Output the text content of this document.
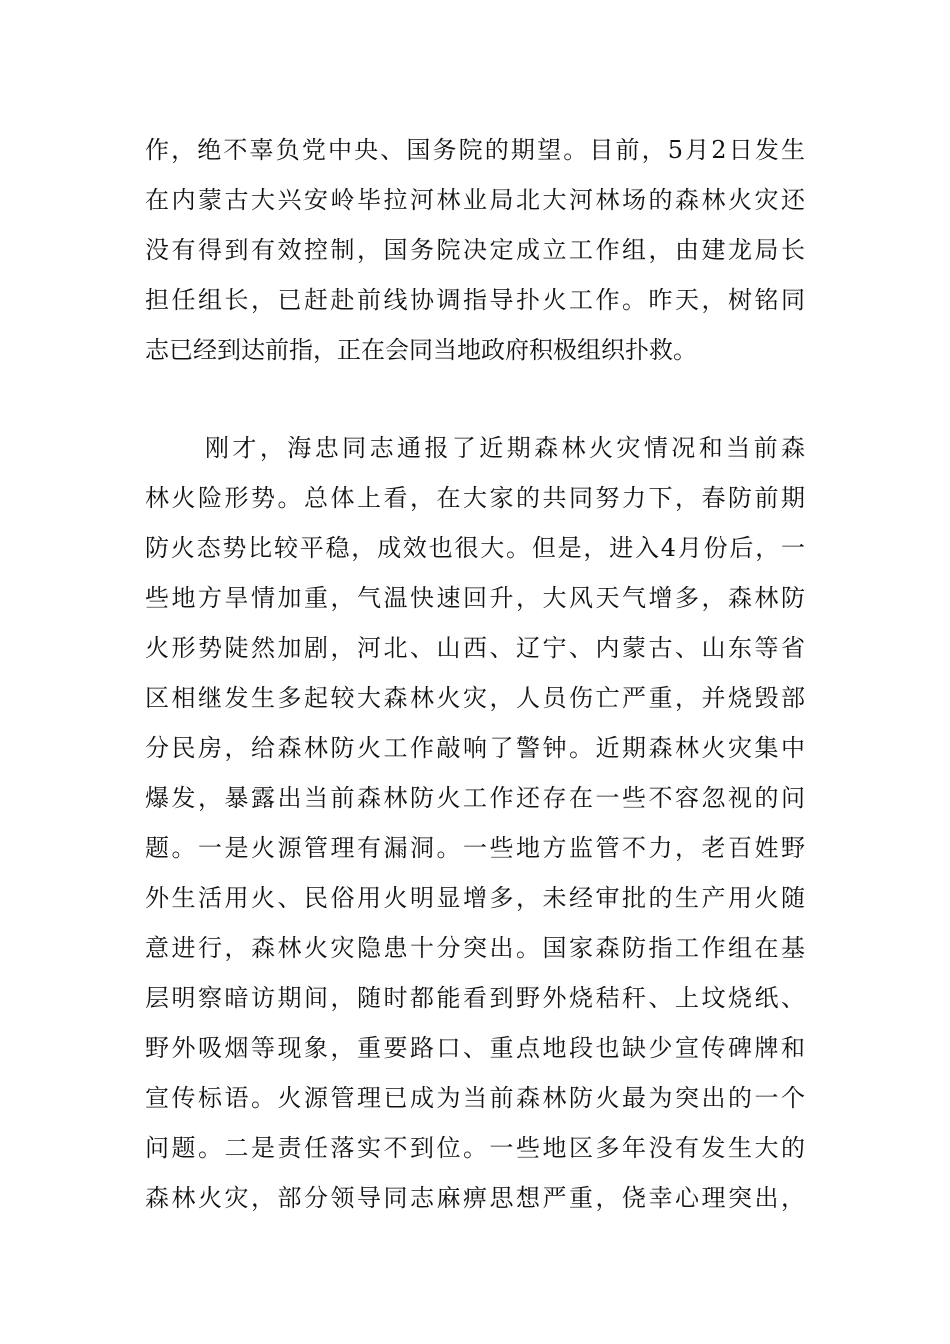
作，绝不辜负党中央、国务院的期望。目前，5月2日发生
在内蒙古大兴安岭毕拉河林业局北大河林场的森林火灾还
没有得到有效控制，国务院决定成立工作组，由建龙局长
担任组长，已赶赴前线协调指导扑火工作。昨天，树铭同
志已经到达前指，正在会同当地政府积极组织扑救。
刚才，海忠同志通报了近期森林火灾情况和当前森
林火险形势。总体上看，在大家的共同努力下，春防前期
防火态势比较平稳，成效也很大。但是，进入4月份后，一
些地方旱情加重，气温快速回升，大风天气增多，森林防
火形势陡然加剧，河北、山西、辽宁、内蒙古、山东等省
区相继发生多起较大森林火灾，人员伤亡严重，并烧毁部
分民房，给森林防火工作敲响了警钟。近期森林火灾集中
爆发，暴露出当前森林防火工作还存在一些不容忽视的问
题。一是火源管理有漏洞。一些地方监管不力，老百姓野
外生活用火、民俗用火明显增多，未经审批的生产用火随
意进行，森林火灾隐患十分突出。国家森防指工作组在基
层明察暗访期间，随时都能看到野外烧秸秆、上坟烧纸、
野外吸烟等现象，重要路口、重点地段也缺少宣传碑牌和
宣传标语。火源管理已成为当前森林防火最为突出的一个
问题。二是责任落实不到位。一些地区多年没有发生大的
森林火灾，部分领导同志麻痹思想严重，侥幸心理突出，
